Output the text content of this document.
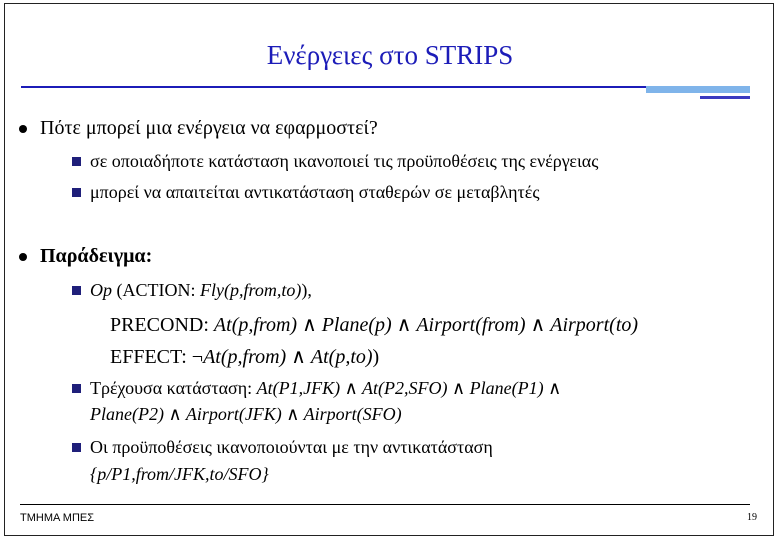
Ενέργειες στο STRIPS
Πότε μπορεί μια ενέργεια να εφαρμοστεί?
σε οποιαδήποτε κατάσταση ικανοποιεί τις προϋποθέσεις της ενέργειας
μπορεί να απαιτείται αντικατάσταση σταθερών σε μεταβλητές
Παράδειγμα:
Op (ACTION: Fly(p,from,to)),
PRECOND: At(p,from) ∧ Plane(p) ∧ Airport(from) ∧ Airport(to)
EFFECT: ¬At(p,from) ∧ At(p,to))
Τρέχουσα κατάσταση: At(P1,JFK) ∧ At(P2,SFO) ∧ Plane(P1) ∧
Plane(P2) ∧ Airport(JFK) ∧ Airport(SFO)
Οι προϋποθέσεις ικανοποιούνται με την αντικατάσταση
{p/P1,from/JFK,to/SFO}
ΤΜΗΜΑ ΜΠΕΣ	19
